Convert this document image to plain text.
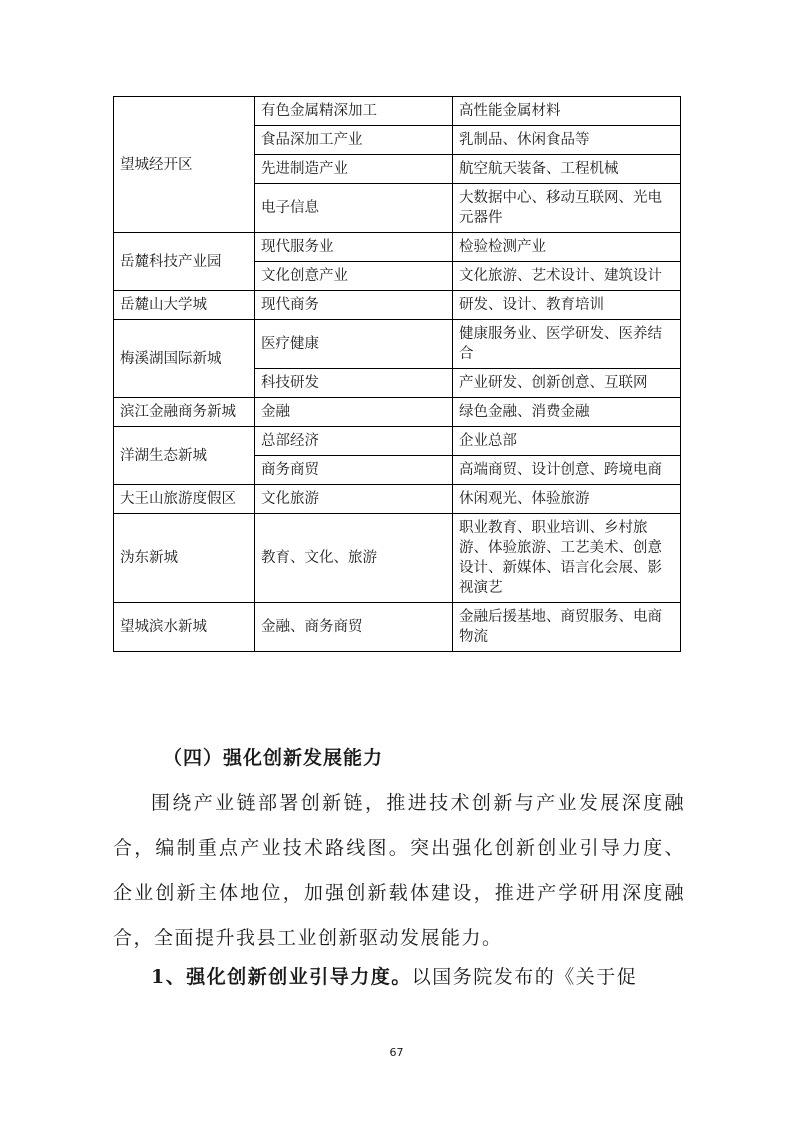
望城经开区	有色金属精深加工	高性能金属材料
	食品深加工产业	乳制品、休闲食品等
	先进制造产业	航空航天装备、工程机械
	电子信息	大数据中心、移动互联网、光电元器件
岳麓科技产业园	现代服务业	检验检测产业
	文化创意产业	文化旅游、艺术设计、建筑设计
岳麓山大学城	现代商务	研发、设计、教育培训
梅溪湖国际新城	医疗健康	健康服务业、医学研发、医养结合
	科技研发	产业研发、创新创意、互联网
滨江金融商务新城	金融	绿色金融、消费金融
洋湖生态新城	总部经济	企业总部
	商务商贸	高端商贸、设计创意、跨境电商
大王山旅游度假区	文化旅游	休闲观光、体验旅游
沩东新城	教育、文化、旅游	职业教育、职业培训、乡村旅游、体验旅游、工艺美术、创意设计、新媒体、语言化会展、影视演艺
望城滨水新城	金融、商务商贸	金融后援基地、商贸服务、电商物流
（四）强化创新发展能力
围绕产业链部署创新链，推进技术创新与产业发展深度融合，编制重点产业技术路线图。突出强化创新创业引导力度、企业创新主体地位，加强创新载体建设，推进产学研用深度融合，全面提升我县工业创新驱动发展能力。
1、强化创新创业引导力度。以国务院发布的《关于促
67
